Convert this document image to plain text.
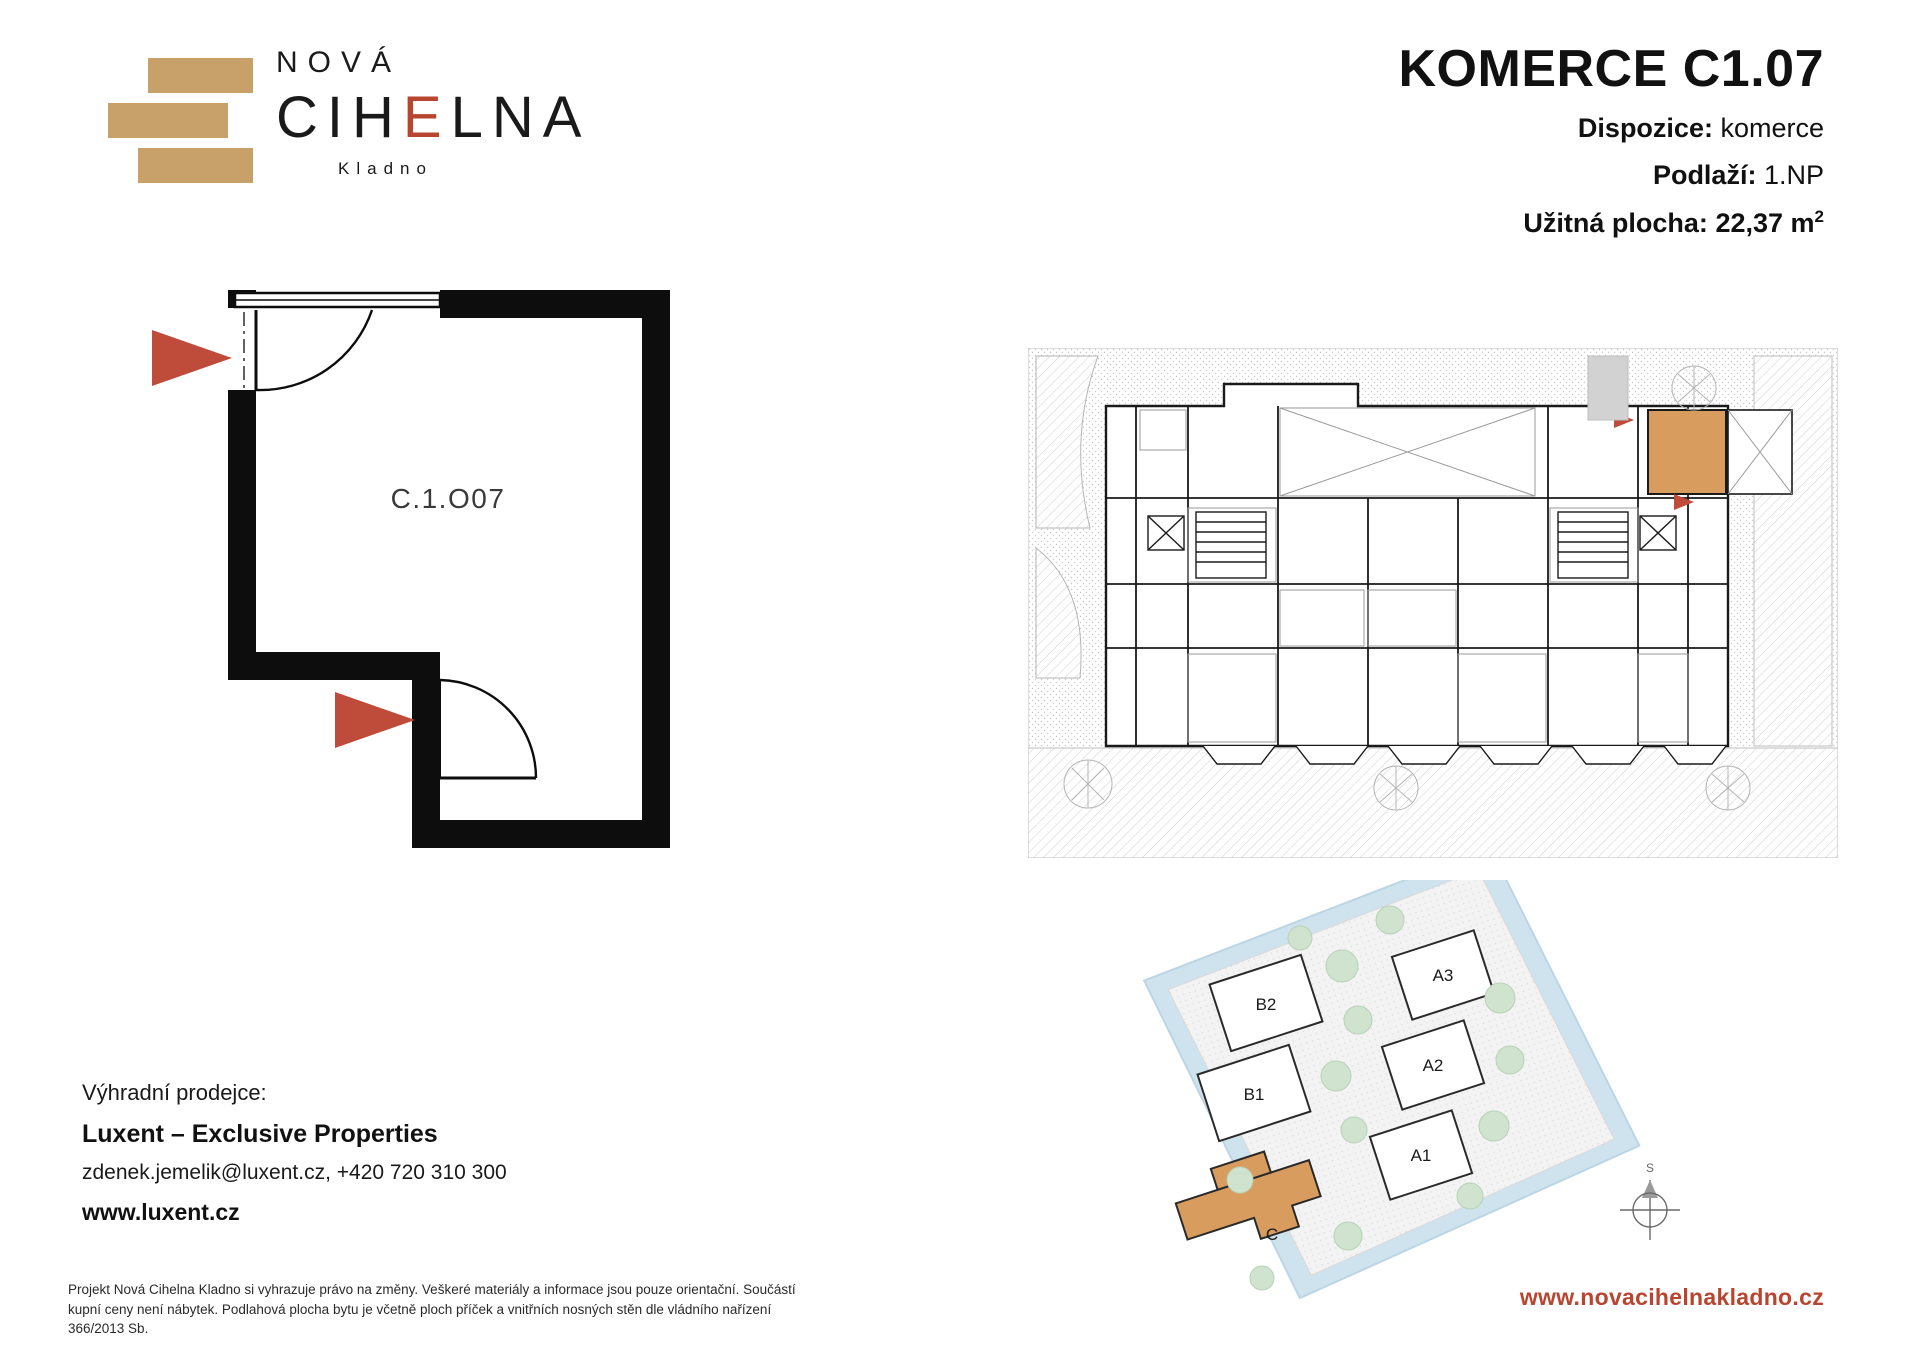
NOVÁ
CIHELNA
Kladno
KOMERCE C1.07
Dispozice: komerce
Podlaží: 1.NP
Užitná plocha: 22,37 $m^2$
C.1.O07
Výhradní prodejce:
Luxent – Exclusive Properties
zdenek.jemelik@luxent.cz, +420 720 310 300
www.luxent.cz
Projekt Nová Cihelna Kladno si vyhrazuje právo na změny. Veškeré materiály a informace jsou pouze orientační. Součástí kupní ceny není nábytek. Podlahová plocha bytu je včetně ploch příček a vnitřních nosných stěn dle vládního nařízení 366/2013 Sb.
B2
B1
A3
A2
A1
C
S
www.novacihelnakladno.cz
